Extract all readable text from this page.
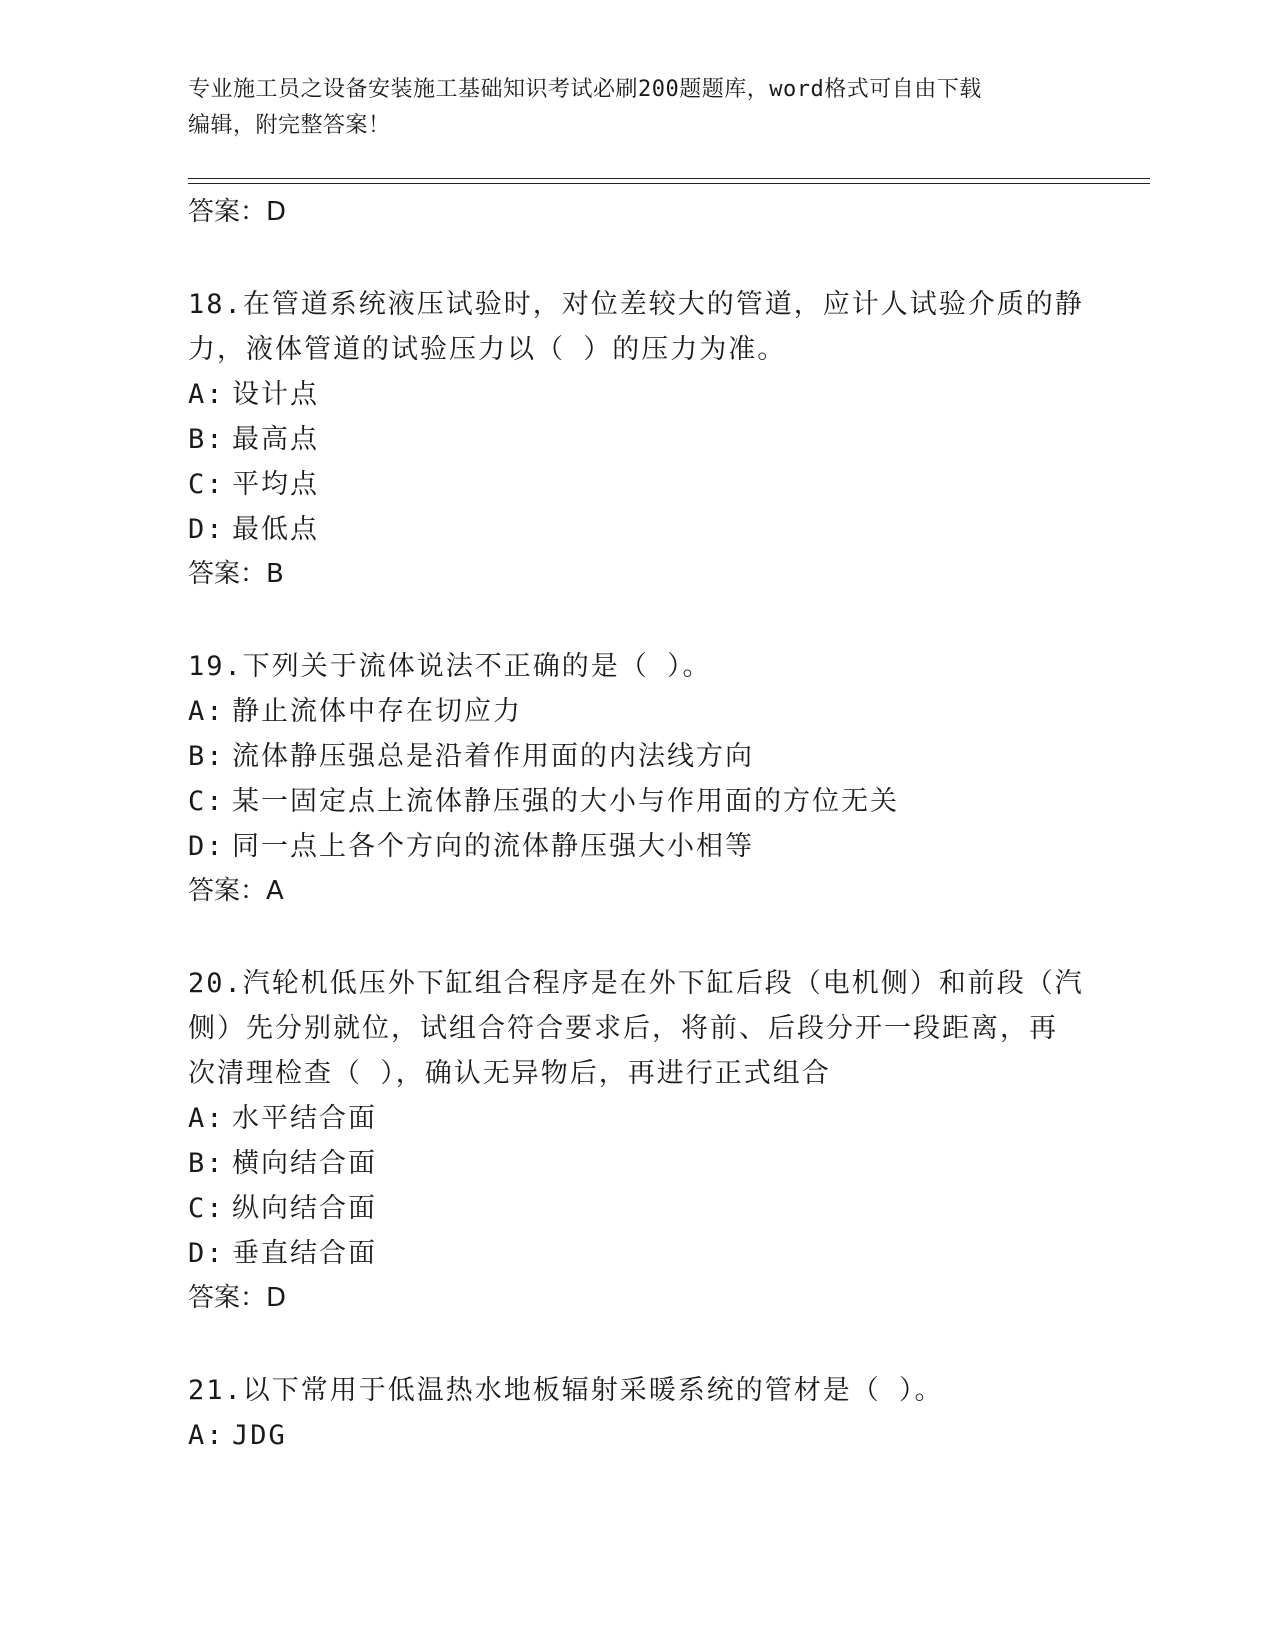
专业施工员之设备安装施工基础知识考试必刷200题题库，word格式可自由下载
编辑，附完整答案！
答案：D
18.在管道系统液压试验时，对位差较大的管道，应计人试验介质的静
力，液体管道的试验压力以（ ）的压力为准。
A: 设计点
B: 最高点
C: 平均点
D: 最低点
答案：B
19.下列关于流体说法不正确的是（ ）。
A: 静止流体中存在切应力
B: 流体静压强总是沿着作用面的内法线方向
C: 某一固定点上流体静压强的大小与作用面的方位无关
D: 同一点上各个方向的流体静压强大小相等
答案：A
20.汽轮机低压外下缸组合程序是在外下缸后段（电机侧）和前段（汽
侧）先分别就位，试组合符合要求后，将前、后段分开一段距离，再
次清理检查（ ），确认无异物后，再进行正式组合
A: 水平结合面
B: 横向结合面
C: 纵向结合面
D: 垂直结合面
答案：D
21.以下常用于低温热水地板辐射采暖系统的管材是（ ）。
A: JDG
